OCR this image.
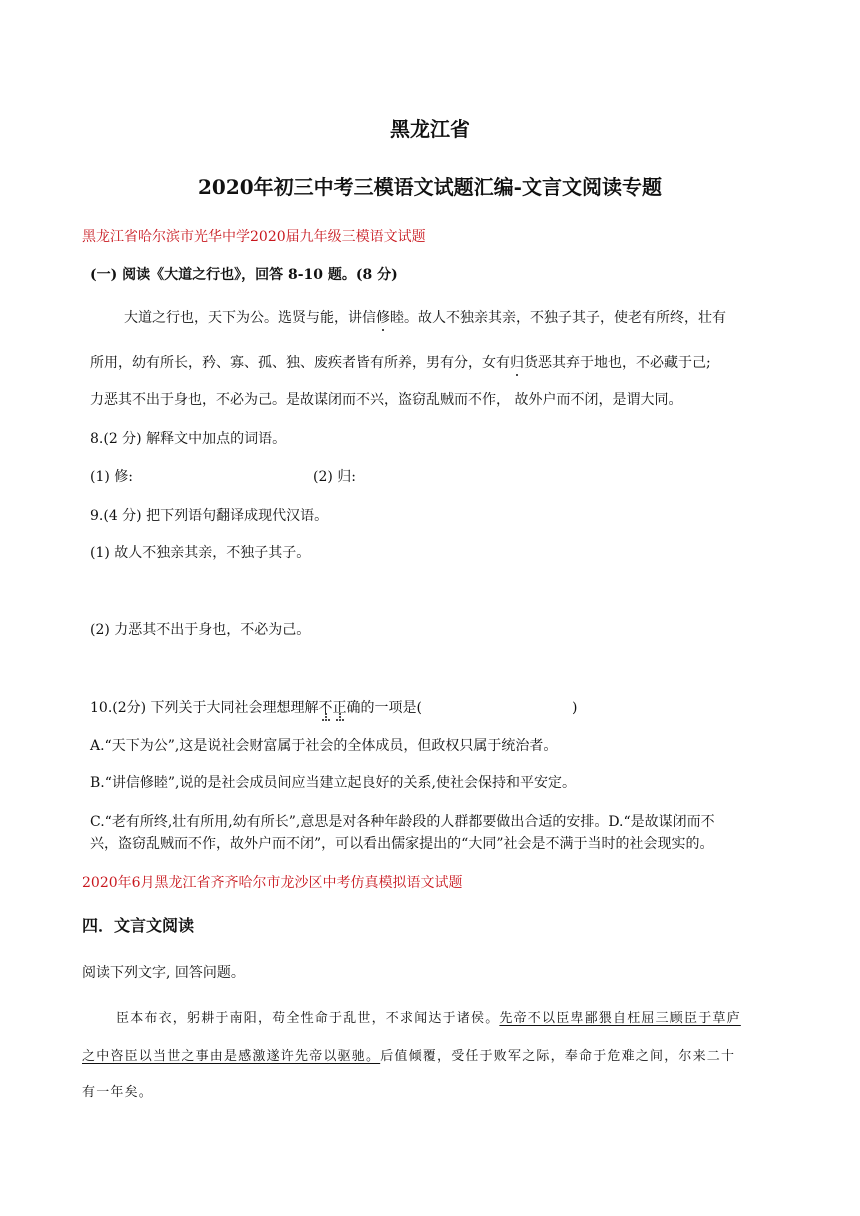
黑龙江省
2020年初三中考三模语文试题汇编-文言文阅读专题
黑龙江省哈尔滨市光华中学2020届九年级三模语文试题
(一) 阅读《大道之行也》，回答 8-10 题。(8 分)
大道之行也，天下为公。选贤与能，讲信修睦。故人不独亲其亲，不独子其子，使老有所终，壮有
所用，幼有所长，矜、寡、孤、独、废疾者皆有所养，男有分，女有归货恶其弃于地也，不必藏于己;
力恶其不出于身也，不必为己。是故谋闭而不兴，盗窃乱贼而不作， 故外户而不闭，是谓大同。
8.(2 分) 解释文中加点的词语。
(1) 修:	(2) 归:
9.(4 分) 把下列语句翻译成现代汉语。
(1) 故人不独亲其亲，不独子其子。
(2) 力恶其不出于身也，不必为己。
10.(2分) 下列关于大同社会理想理解不正确的一项是(	)
A.“天下为公”,这是说社会财富属于社会的全体成员，但政权只属于统治者。
B.“讲信修睦”,说的是社会成员间应当建立起良好的关系,使社会保持和平安定。
C.“老有所终,壮有所用,幼有所长”,意思是对各种年龄段的人群都要做出合适的安排。D.“是故谋闭而不
兴，盗窃乱贼而不作，故外户而不闭”，可以看出儒家提出的“大同”社会是不满于当时的社会现实的。
2020年6月黑龙江省齐齐哈尔市龙沙区中考仿真模拟语文试题
四．文言文阅读
阅读下列文字, 回答问题。
臣本布衣，躬耕于南阳，苟全性命于乱世，不求闻达于诸侯。先帝不以臣卑鄙猥自枉屈三顾臣于草庐
之中咨臣以当世之事由是感激遂许先帝以驱驰。后值倾覆，受任于败军之际，奉命于危难之间，尔来二十
有一年矣。
